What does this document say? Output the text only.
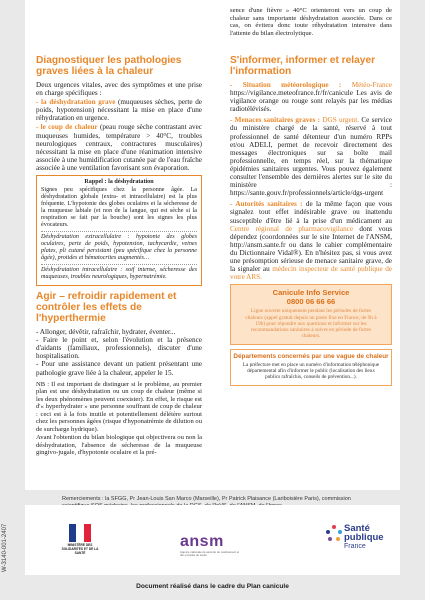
Diagnostiquer les pathologies graves liées à la chaleur

Deux urgences vitales, avec des symptômes et une prise en charge spécifiques :

- la déshydratation grave (muqueuses sèches, perte de poids, hypotension) nécessitant la mise en place d'une réhydratation en urgence.

- le coup de chaleur (peau rouge sèche contrastant avec muqueuses humides, température > 40°C, troubles neurologiques centraux, contractures musculaires) nécessitant la mise en place d'une réanimation intensive associée à une humidification cutanée par de l'eau fraîche associée à une ventilation favorisant son évaporation.

Rappel : la déshydratation

Signes peu spécifiques chez la personne âgée. La déshydratation globale (extra- et intracellulaire) est la plus fréquente. L'hypotonie des globes oculaires et la sécheresse de la muqueuse labiale (et non de la langue, qui est sèche si la respiration se fait par la bouche) sont les signes les plus évocateurs.

Déshydratation extracellulaire : hypotonie des globes oculaires, perte de poids, hypotension, tachycardie, veines plates, pli cutané persistant (peu spécifique chez la personne âgée), protides et hématocrites augmentés…

Déshydratation intracellulaire : soif intense, sécheresse des muqueuses, troubles neurologiques, hypernatrémie.

Agir – refroidir rapidement et contrôler les effets de l'hyperthermie

- Allonger, dévêtir, rafraîchir, hydrater, éventer...

- Faire le point et, selon l'évolution et la présence d'aidants (familiaux, professionnels), discuter d'une hospitalisation.

- Pour une assistance devant un patient présentant une pathologie grave liée à la chaleur, appeler le 15.

NB : Il est important de distinguer si le problème, au premier plan est une déshydratation ou un coup de chaleur (même si les deux phénomènes peuvent coexister). En effet, le risque est d'« hyperhydrater » une personne souffrant de coup de chaleur : ceci est à la fois inutile et potentiellement délétère surtout chez les personnes âgées (risque d'hyponatrémie de dilution ou de surcharge hydrique).

Avant l'obtention du bilan biologique qui objectivera ou non la déshydratation, l'absence de sécheresse de la muqueuse gingivo-jugale, d'hypotonie oculaire et la pré-

sence d'une fièvre » 40°C orienteront vers un coup de chaleur sans importante déshydratation associée. Dans ce cas, on évitera donc toute réhydratation intensive dans l'attente du bilan électrolytique.

S'informer, informer et relayer l'information

- Situation météorologique : Météo-France https://vigilance.meteofrance.fr/fr/canicule Les avis de vigilance orange ou rouge sont relayés par les médias radiotélévisés.

- Menaces sanitaires graves : DGS urgent. Ce service du ministère chargé de la santé, réservé à tout professionnel de santé détenteur d'un numéro RPPs et/ou ADELI, permet de recevoir directement des messages électroniques sur sa boîte mail professionnelle, en temps réel, sur la thématique épidémies sanitaires urgentes. Vous pouvez également consulter l'ensemble des dernières alertes sur le site du ministère : https://sante.gouv.fr/professionnels/article/dgs-urgent

- Autorités sanitaires : de la même façon que vous signalez tout effet indésirable grave ou inattendu susceptible d'être lié à la prise d'un médicament au Centre régional de pharmacovigilance dont vous dépendez (coordonnées sur le site Internet de l'ANSM, http://ansm.sante.fr ou dans le cahier complémentaire du Dictionnaire Vidal®). En n'hésitez pas, si vous avez une présomption sérieuse de menace sanitaire grave, de la signaler au médecin inspecteur de santé publique de votre ARS.

Canicule Info Service
0800 06 66 66
Ligne ouverte uniquement pendant les périodes de fortes chaleurs (appel gratuit depuis un poste fixe en France, de 9h à 19h) pour répondre aux questions et informer sur les recommandations sanitaires à suivre en période de fortes chaleurs.
Départements concernés par une vague de chaleur
La préfecture met en place un numéro d'information téléphonique départemental afin d'informer le public (localisation des lieux publics rafraîchis, conseils de prévention...).
Remerciements : la SFGG, Pr Jean-Louis San Marco (Marseille), Pr Patrick Plaisance (Lariboisière Paris), commission
W-3140-001-2407	MINISTÈRE DES SOLIDARITÉS ET DE LA SANTÉ
ansm
Agence nationale de sécurité du médicament et des produits de santé
Santé
publique
France
Document réalisé dans le cadre du Plan canicule
